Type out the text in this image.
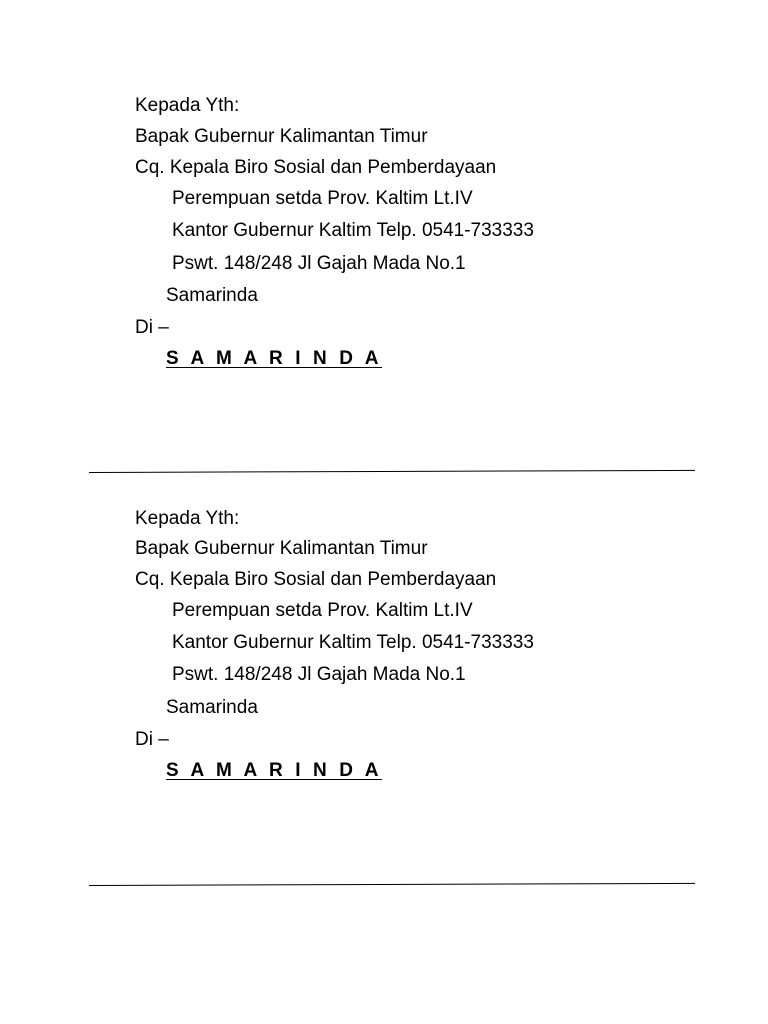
Kepada Yth:
Bapak Gubernur Kalimantan Timur
Cq. Kepala Biro Sosial dan Pemberdayaan
Perempuan setda Prov. Kaltim Lt.IV
Kantor Gubernur Kaltim Telp. 0541-733333
Pswt. 148/248 Jl Gajah Mada No.1
Samarinda
Di –
S A M A R I N D A
Kepada Yth:
Bapak Gubernur Kalimantan Timur
Cq. Kepala Biro Sosial dan Pemberdayaan
Perempuan setda Prov. Kaltim Lt.IV
Kantor Gubernur Kaltim Telp. 0541-733333
Pswt. 148/248 Jl Gajah Mada No.1
Samarinda
Di –
S A M A R I N D A
